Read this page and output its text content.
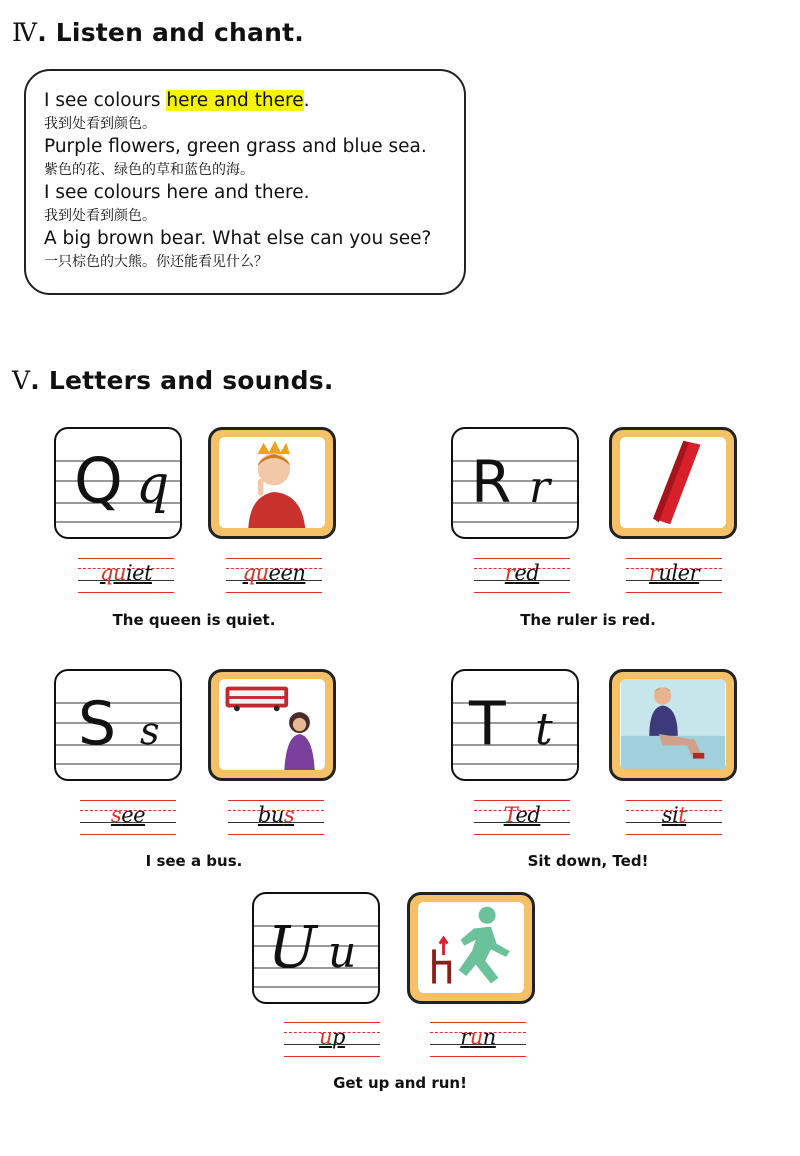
Ⅳ. Listen and chant.
I see colours here and there.
我到处看到颜色。
Purple flowers, green grass and blue sea.
紫色的花、绿色的草和蓝色的海。
I see colours here and there.
我到处看到颜色。
A big brown bear. What else can you see?
一只棕色的大熊。你还能看见什么？
Ⅴ. Letters and sounds.
Q q
quiet	queen

The queen is quiet.

R r
red	ruler

The ruler is red.

S s
see	bus

I see a bus.

T t
Ted	sit

Sit down, Ted!

U u
up	run

Get up and run!
